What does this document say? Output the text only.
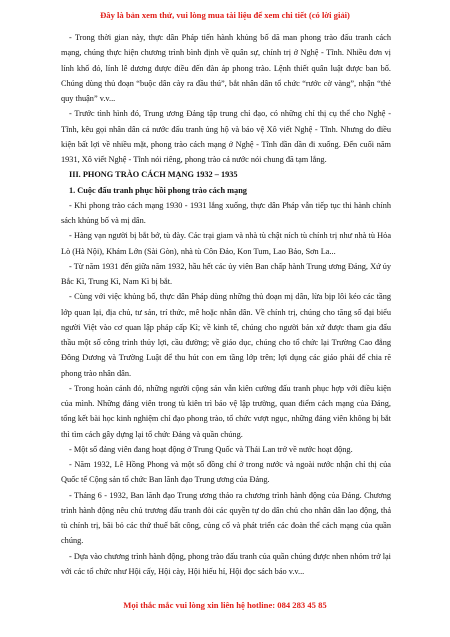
Đây là bản xem thử, vui lòng mua tài liệu để xem chi tiết (có lời giải)

- Trong thời gian này, thực dân Pháp tiến hành khủng bố dã man phong trào đấu tranh cách mạng, chúng thực hiện chương trình bình định về quân sự, chính trị ở Nghệ - Tĩnh. Nhiều đơn vị lính khố đỏ, lính lê dương được điều đến đàn áp phong trào. Lệnh thiết quân luật được ban bố. Chúng dùng thủ đoạn “buộc dân cày ra đầu thú”, bắt nhân dân tổ chức “rước cờ vàng”, nhận “thẻ quy thuận” v.v...

- Trước tình hình đó, Trung ương Đảng tập trung chỉ đạo, có những chỉ thị cụ thể cho Nghệ - Tĩnh, kêu gọi nhân dân cả nước đấu tranh ủng hộ và bảo vệ Xô viết Nghệ - Tĩnh. Nhưng do điều kiện bất lợi về nhiều mặt, phong trào cách mạng ở Nghệ - Tĩnh dần dần đi xuống. Đến cuối năm 1931, Xô viết Nghệ - Tĩnh nói riêng, phong trào cả nước nói chung đã tạm lắng.

III. PHONG TRÀO CÁCH MẠNG 1932 – 1935

1. Cuộc đấu tranh phục hồi phong trào cách mạng

- Khi phong trào cách mạng 1930 - 1931 lắng xuống, thực dân Pháp vẫn tiếp tục thi hành chính sách khủng bố và mị dân.

- Hàng vạn người bị bắt bớ, tù đày. Các trại giam và nhà tù chật ních tù chính trị như nhà tù Hỏa Lò (Hà Nội), Khám Lớn (Sài Gòn), nhà tù Côn Đảo, Kon Tum, Lao Bảo, Sơn La...

- Từ năm 1931 đến giữa năm 1932, hầu hết các ủy viên Ban chấp hành Trung ương Đảng, Xứ ủy Bắc Kì, Trung Kì, Nam Kì bị bắt.

- Cùng với việc khủng bố, thực dân Pháp dùng những thủ đoạn mị dân, lừa bịp lôi kéo các tầng lớp quan lại, địa chủ, tư sản, trí thức, mê hoặc nhân dân. Về chính trị, chúng cho tăng số đại biểu người Việt vào cơ quan lập pháp cấp Kì; về kinh tế, chúng cho người bản xứ được tham gia đấu thầu một số công trình thủy lợi, cầu đường; về giáo dục, chúng cho tổ chức lại Trường Cao đẳng Đông Dương và Trường Luật để thu hút con em tầng lớp trên; lợi dụng các giáo phái để chia rẽ phong trào nhân dân.

- Trong hoàn cảnh đó, những người cộng sản vẫn kiên cường đấu tranh phục hợp với điều kiện của mình. Những đảng viên trong tù kiên trì bảo vệ lập trường, quan điểm cách mạng của Đảng, tổng kết bài học kinh nghiệm chỉ đạo phong trào, tổ chức vượt ngục, những đảng viên không bị bắt thì tìm cách gây dựng lại tổ chức Đảng và quần chúng.

- Một số đảng viên đang hoạt động ở Trung Quốc và Thái Lan trở về nước hoạt động.

- Năm 1932, Lê Hồng Phong và một số đồng chí ở trong nước và ngoài nước nhận chỉ thị của Quốc tế Cộng sản tổ chức Ban lãnh đạo Trung ương của Đảng.

- Tháng 6 - 1932, Ban lãnh đạo Trung ương thảo ra chương trình hành động của Đảng. Chương trình hành động nêu chủ trương đấu tranh đòi các quyền tự do dân chủ cho nhân dân lao động, thả tù chính trị, bãi bỏ các thứ thuế bất công, củng cố và phát triển các đoàn thể cách mạng của quần chúng.

- Dựa vào chương trình hành động, phong trào đấu tranh của quần chúng được nhen nhóm trở lại với các tổ chức như Hội cấy, Hội cày, Hội hiếu hỉ, Hội đọc sách báo v.v...

Mọi thắc mắc vui lòng xin liên hệ hotline: 084 283 45 85
